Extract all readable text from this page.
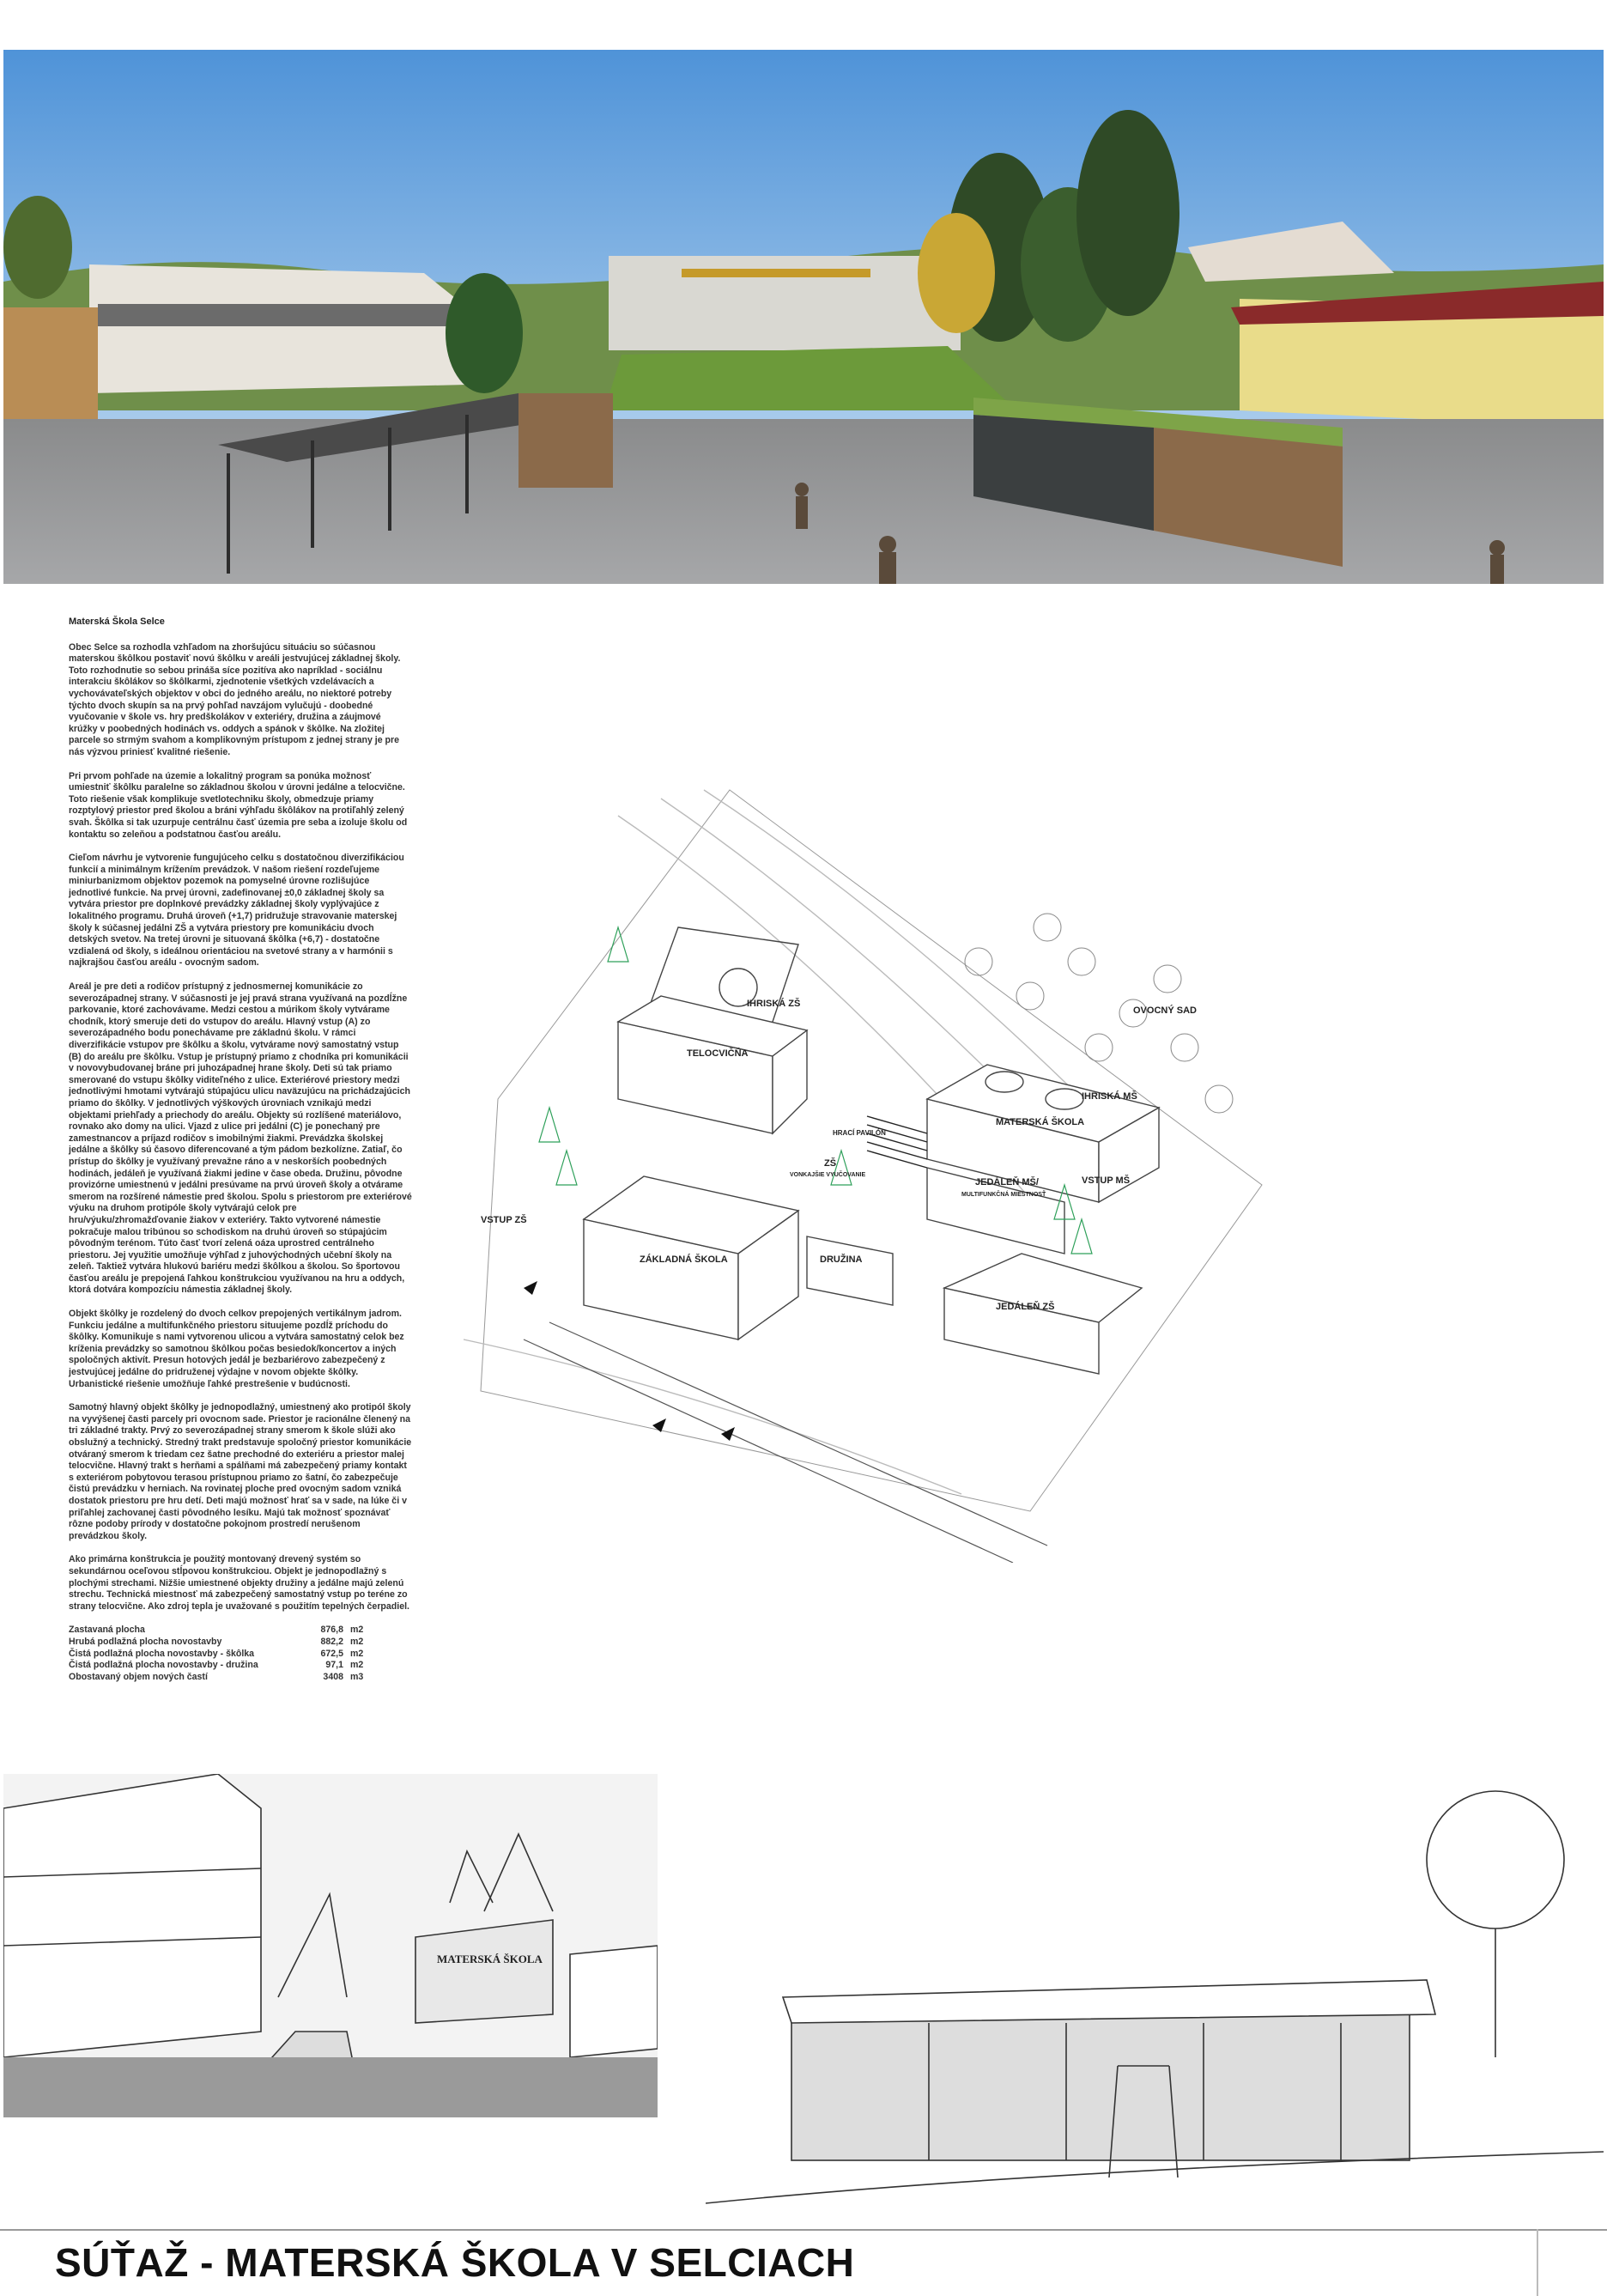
Materská Škola Selce

Obec Selce sa rozhodla vzhľadom na zhoršujúcu situáciu so súčasnou materskou škôlkou postaviť novú škôlku v areáli jestvujúcej základnej školy. Toto rozhodnutie so sebou prináša síce pozitíva ako napríklad - sociálnu interakciu škôlákov so škôlkarmi, zjednotenie všetkých vzdelávacích a vychovávateľských objektov v obci do jedného areálu, no niektoré potreby týchto dvoch skupín sa na prvý pohľad navzájom vylučujú - doobedné vyučovanie v škole vs. hry predškolákov v exteriéry, družina a záujmové krúžky v poobedných hodinách vs. oddych a spánok v škôlke. Na zložitej parcele so strmým svahom a komplikovným prístupom z jednej strany je pre nás výzvou priniesť kvalitné riešenie.

Pri prvom pohľade na územie a lokalitný program sa ponúka možnosť umiestniť škôlku paralelne so základnou školou v úrovni jedálne a telocvične. Toto riešenie však komplikuje svetlotechniku školy, obmedzuje priamy rozptylový priestor pred školou a bráni výhľadu škôlákov na protiľahlý zelený svah. Škôlka si tak uzurpuje centrálnu časť územia pre seba a izoluje školu od kontaktu so zeleňou a podstatnou časťou areálu.

Cieľom návrhu je vytvorenie fungujúceho celku s dostatočnou diverzifikáciou funkcií a minimálnym krížením prevádzok. V našom riešení rozdeľujeme miniurbanizmom objektov pozemok na pomyselné úrovne rozlišujúce jednotlivé funkcie. Na prvej úrovni, zadefinovanej ±0,0 základnej školy sa vytvára priestor pre doplnkové prevádzky základnej školy vyplývajúce z lokalitného programu. Druhá úroveň (+1,7) pridružuje stravovanie materskej školy k súčasnej jedálni ZŠ a vytvára priestory pre komunikáciu dvoch detských svetov. Na tretej úrovni je situovaná škôlka (+6,7) - dostatočne vzdialená od školy, s ideálnou orientáciou na svetové strany a v harmónii s najkrajšou časťou areálu - ovocným sadom.

Areál je pre deti a rodičov prístupný z jednosmernej komunikácie zo severozápadnej strany. V súčasnosti je jej pravá strana využívaná na pozdĺžne parkovanie, ktoré zachovávame. Medzi cestou a múrikom školy vytvárame chodník, ktorý smeruje deti do vstupov do areálu. Hlavný vstup (A) zo severozápadného bodu ponechávame pre základnú školu. V rámci diverzifikácie vstupov pre škôlku a školu, vytvárame nový samostatný vstup (B) do areálu pre škôlku. Vstup je prístupný priamo z chodníka pri komunikácii v novovybudovanej bráne pri juhozápadnej hrane školy. Deti sú tak priamo smerované do vstupu škôlky viditeľného z ulice. Exteriérové priestory medzi jednotlivými hmotami vytvárajú stúpajúcu ulicu naväzujúcu na prichádzajúcich priamo do škôlky. V jednotlivých výškových úrovniach vznikajú medzi objektami priehľady a priechody do areálu. Objekty sú rozlíšené materiálovo, rovnako ako domy na ulici. Vjazd z ulice pri jedálni (C) je ponechaný pre zamestnancov a príjazd rodičov s imobilnými žiakmi. Prevádzka školskej jedálne a škôlky sú časovo diferencované a tým pádom bezkolízne. Zatiaľ, čo prístup do škôlky je využívaný prevažne ráno a v neskorších poobedných hodinách, jedáleň je využívaná žiakmi jedine v čase obeda. Družinu, pôvodne provizórne umiestnenú v jedálni presúvame na prvú úroveň školy a otvárame smerom na rozšírené námestie pred školou. Spolu s priestorom pre exteriérové výuku na druhom protipóle školy vytvárajú celok pre hru/výuku/zhromažďovanie žiakov v exteriéry. Takto vytvorené námestie pokračuje malou tribúnou so schodiskom na druhú úroveň so stúpajúcim pôvodným terénom. Túto časť tvorí zelená oáza uprostred centrálneho priestoru. Jej využitie umožňuje výhľad z juhovýchodných učební školy na zeleň. Taktiež vytvára hlukovú bariéru medzi škôlkou a školou. So športovou časťou areálu je prepojená ľahkou konštrukciou využívanou na hru a oddych, ktorá dotvára kompozíciu námestia základnej školy.

Objekt škôlky je rozdelený do dvoch celkov prepojených vertikálnym jadrom. Funkciu jedálne a multifunkčného priestoru situujeme pozdĺž príchodu do škôlky. Komunikuje s nami vytvorenou ulicou a vytvára samostatný celok bez kríženia prevádzky so samotnou škôlkou počas besiedok/koncertov a iných spoločných aktivít. Presun hotových jedál je bezbariérovo zabezpečený z jestvujúcej jedálne do pridruženej výdajne v novom objekte škôlky. Urbanistické riešenie umožňuje ľahké prestrešenie v budúcnosti.

Samotný hlavný objekt škôlky je jednopodlažný, umiestnený ako protipól školy na vyvýšenej časti parcely pri ovocnom sade. Priestor je racionálne členený na tri základné trakty. Prvý zo severozápadnej strany smerom k škole slúži ako obslužný a technický. Stredný trakt predstavuje spoločný priestor komunikácie otváraný smerom k triedam cez šatne prechodné do exteriéru a priestor malej telocvične. Hlavný trakt s herňami a spálňami má zabezpečený priamy kontakt s exteriérom pobytovou terasou prístupnou priamo zo šatní, čo zabezpečuje čistú prevádzku v herniach. Na rovinatej ploche pred ovocným sadom vzniká dostatok priestoru pre hru detí. Deti majú možnosť hrať sa v sade, na lúke či v priľahlej zachovanej časti pôvodného lesíku. Majú tak možnosť spoznávať rôzne podoby prírody v dostatočne pokojnom prostredí nerušenom prevádzkou školy.

Ako primárna konštrukcia je použitý montovaný drevený systém so sekundárnou oceľovou stĺpovou konštrukciou. Objekt je jednopodlažný s plochými strechami. Nižšie umiestnené objekty družiny a jedálne majú zelenú strechu. Technická miestnosť má zabezpečený samostatný vstup po teréne zo strany telocvične. Ako zdroj tepla je uvažované s použitím tepelných čerpadiel.

Zastavaná plocha	876,8 m2
Hrubá podlažná plocha novostavby	882,2 m2
Čistá podlažná plocha novostavby - škôlka	672,5 m2
Čistá podlažná plocha novostavby - družina	97,1 m2
Obostavaný objem nových častí	3408 m3
IHRISKÁ ZŠ
TELOCVIČŇA
OVOCNÝ SAD
IHRISKÁ MŠ
MATERSKÁ ŠKOLA
HRACÍ PAVILÓN
ZŠ
VONKAJŠIE VYUČOVANIE
JEDÁLEŇ MŠ/
MULTIFUNKČNÁ MIESTNOSŤ
VSTUP MŠ
VSTUP ZŠ
ZÁKLADNÁ ŠKOLA	DRUŽINA
JEDÁLEŇ ZŠ
MATERSKÁ ŠKOLA
SÚŤAŽ - MATERSKÁ ŠKOLA V SELCIACH
